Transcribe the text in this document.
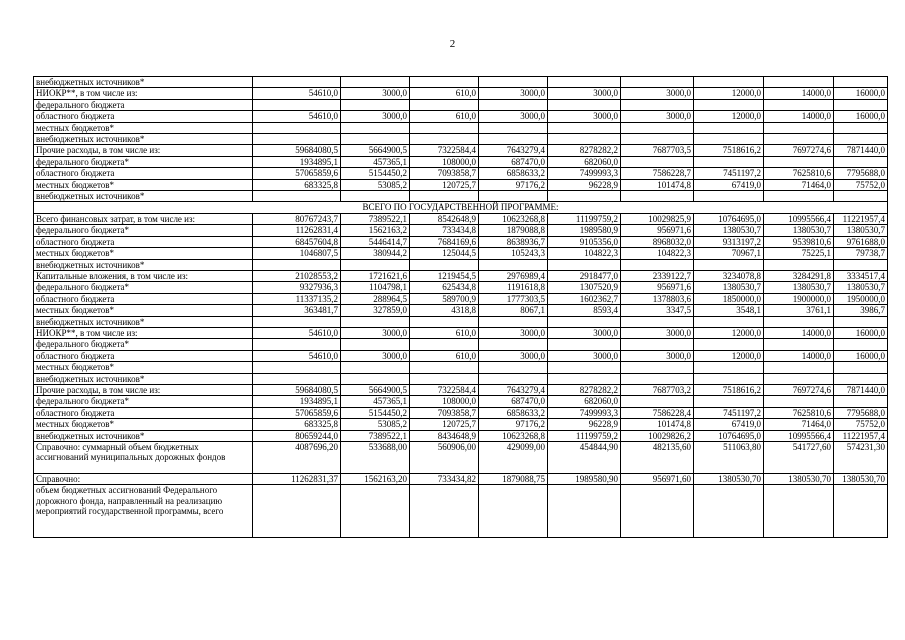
2
внебюджетных источников*									
НИОКР**, в том числе из:	54610,0	3000,0	610,0	3000,0	3000,0	3000,0	12000,0	14000,0	16000,0
федерального бюджета									
областного бюджета	54610,0	3000,0	610,0	3000,0	3000,0	3000,0	12000,0	14000,0	16000,0
местных бюджетов*									
внебюджетных источников*									
Прочие расходы, в том числе из:	59684080,5	5664900,5	7322584,4	7643279,4	8278282,2	7687703,5	7518616,2	7697274,6	7871440,0
федерального бюджета*	1934895,1	457365,1	108000,0	687470,0	682060,0				
областного бюджета	57065859,6	5154450,2	7093858,7	6858633,2	7499993,3	7586228,7	7451197,2	7625810,6	7795688,0
местных бюджетов*	683325,8	53085,2	120725,7	97176,2	96228,9	101474,8	67419,0	71464,0	75752,0
внебюджетных источников*									
ВСЕГО ПО ГОСУДАРСТВЕННОЙ ПРОГРАММЕ:									
Всего финансовых затрат, в том числе из:	80767243,7	7389522,1	8542648,9	10623268,8	11199759,2	10029825,9	10764695,0	10995566,4	11221957,4
федерального бюджета*	11262831,4	1562163,2	733434,8	1879088,8	1989580,9	956971,6	1380530,7	1380530,7	1380530,7
областного бюджета	68457604,8	5446414,7	7684169,6	8638936,7	9105356,0	8968032,0	9313197,2	9539810,6	9761688,0
местных бюджетов*	1046807,5	380944,2	125044,5	105243,3	104822,3	104822,3	70967,1	75225,1	79738,7
внебюджетных источников*									
Капитальные вложения, в том числе из:	21028553,2	1721621,6	1219454,5	2976989,4	2918477,0	2339122,7	3234078,8	3284291,8	3334517,4
федерального бюджета*	9327936,3	1104798,1	625434,8	1191618,8	1307520,9	956971,6	1380530,7	1380530,7	1380530,7
областного бюджета	11337135,2	288964,5	589700,9	1777303,5	1602362,7	1378803,6	1850000,0	1900000,0	1950000,0
местных бюджетов*	363481,7	327859,0	4318,8	8067,1	8593,4	3347,5	3548,1	3761,1	3986,7
внебюджетных источников*									
НИОКР**, в том числе из:	54610,0	3000,0	610,0	3000,0	3000,0	3000,0	12000,0	14000,0	16000,0
федерального бюджета*									
областного бюджета	54610,0	3000,0	610,0	3000,0	3000,0	3000,0	12000,0	14000,0	16000,0
местных бюджетов*									
внебюджетных источников*									
Прочие расходы, в том числе из:	59684080,5	5664900,5	7322584,4	7643279,4	8278282,2	7687703,2	7518616,2	7697274,6	7871440,0
федерального бюджета*	1934895,1	457365,1	108000,0	687470,0	682060,0				
областного бюджета	57065859,6	5154450,2	7093858,7	6858633,2	7499993,3	7586228,4	7451197,2	7625810,6	7795688,0
местных бюджетов*	683325,8	53085,2	120725,7	97176,2	96228,9	101474,8	67419,0	71464,0	75752,0
внебюджетных источников*	80659244,0	7389522,1	8434648,9	10623268,8	11199759,2	10029826,2	10764695,0	10995566,4	11221957,4
Справочно: суммарный объем бюджетных ассигнований муниципальных дорожных фондов	4087696,20	533688,00	560906,00	429099,00	454844,90	482135,60	511063,80	541727,60	574231,30
Справочно:	11262831,37	1562163,20	733434,82	1879088,75	1989580,90	956971,60	1380530,70	1380530,70	1380530,70
объем бюджетных ассигнований Федерального дорожного фонда, направленный на реализацию мероприятий государственной программы, всего									
